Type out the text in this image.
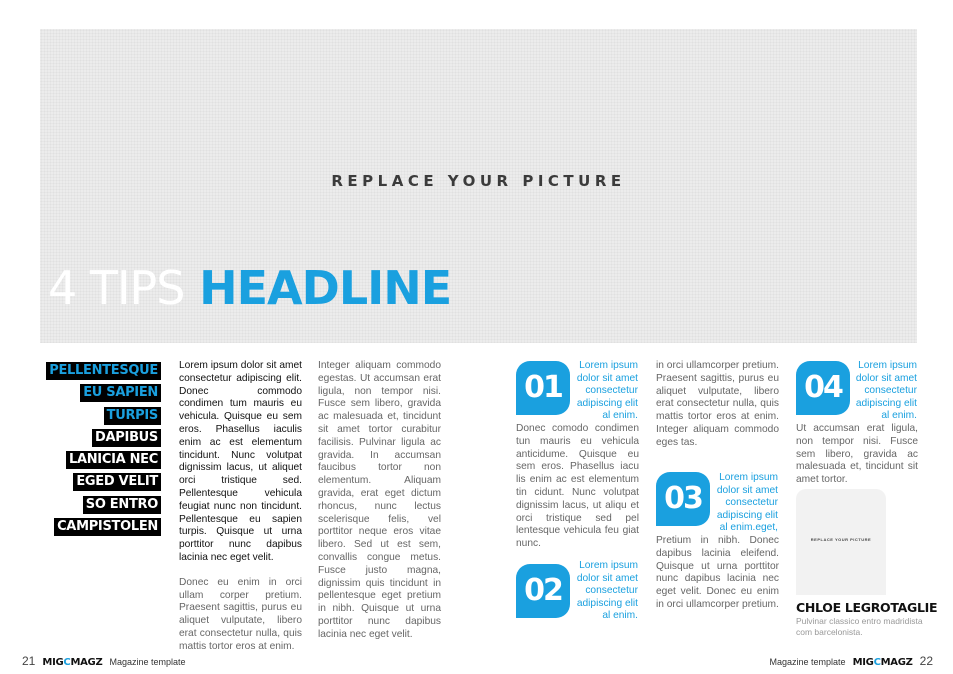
REPLACE YOUR PICTURE
4 TIPS HEADLINE
PELLENTESQUE
EU SAPIEN
TURPIS
DAPIBUS
LANICIA NEC
EGED VELIT
SO ENTRO
CAMPISTOLEN

Lorem ipsum dolor sit amet consectetur adipiscing elit. Donec commodo condimen tum mauris eu vehicula. Quisque eu sem eros. Phasellus iaculis enim ac est elementum tincidunt. Nunc volutpat dignissim lacus, ut aliquet orci tristique sed. Pellentesque vehicula feugiat nunc non tincidunt. Pellentesque eu sapien turpis. Quisque ut urna porttitor nunc dapibus lacinia nec eget velit.

Donec eu enim in orci ullam corper pretium. Praesent sagittis, purus eu aliquet vulputate, libero erat consectetur nulla, quis mattis tortor eros at enim.

Integer aliquam commodo egestas. Ut accumsan erat ligula, non tempor nisi. Fusce sem libero, gravida ac malesuada et, tincidunt sit amet tortor curabitur facilisis. Pulvinar ligula ac gravida. In accumsan faucibus tortor non elementum. Aliquam gravida, erat eget dictum rhoncus, nunc lectus scelerisque felis, vel porttitor neque eros vitae libero. Sed ut est sem, convallis congue metus. Fusce justo magna, dignissim quis tincidunt in pellentesque eget pretium in nibh. Quisque ut urna porttitor nunc dapibus lacinia nec eget velit.

01
Lorem ipsum dolor sit amet consectetur adipiscing elit al enim.
Donec comodo condimen tun mauris eu vehicula anticidume. Quisque eu sem eros. Phasellus iacu lis enim ac est elementum tin cidunt. Nunc volutpat dignissim lacus, ut aliqu et orci tristique sed pel lentesque vehicula feu giat nunc.
02
Lorem ipsum dolor sit amet consectetur adipiscing elit al enim.
in orci ullamcorper pretium. Praesent sagittis, purus eu aliquet vulputate, libero erat consectetur nulla, quis mattis tortor eros at enim. Integer aliquam commodo eges tas.
03
Lorem ipsum dolor sit amet consectetur adipiscing elit al enim.eget,
Pretium in nibh. Donec dapibus lacinia eleifend. Quisque ut urna porttitor nunc dapibus lacinia nec eget velit. Donec eu enim in orci ullamcorper pretium.
04
Lorem ipsum dolor sit amet consectetur adipiscing elit al enim.
Ut accumsan erat ligula, non tempor nisi. Fusce sem libero, gravida ac malesuada et, tincidunt sit amet tortor.
REPLACE YOUR PICTURE
CHLOE LEGROTAGLIE
Pulvinar classico entro madridista com barcelonista.
21 MIGCMAGZ Magazine template	Magazine template MIGCMAGZ 22
